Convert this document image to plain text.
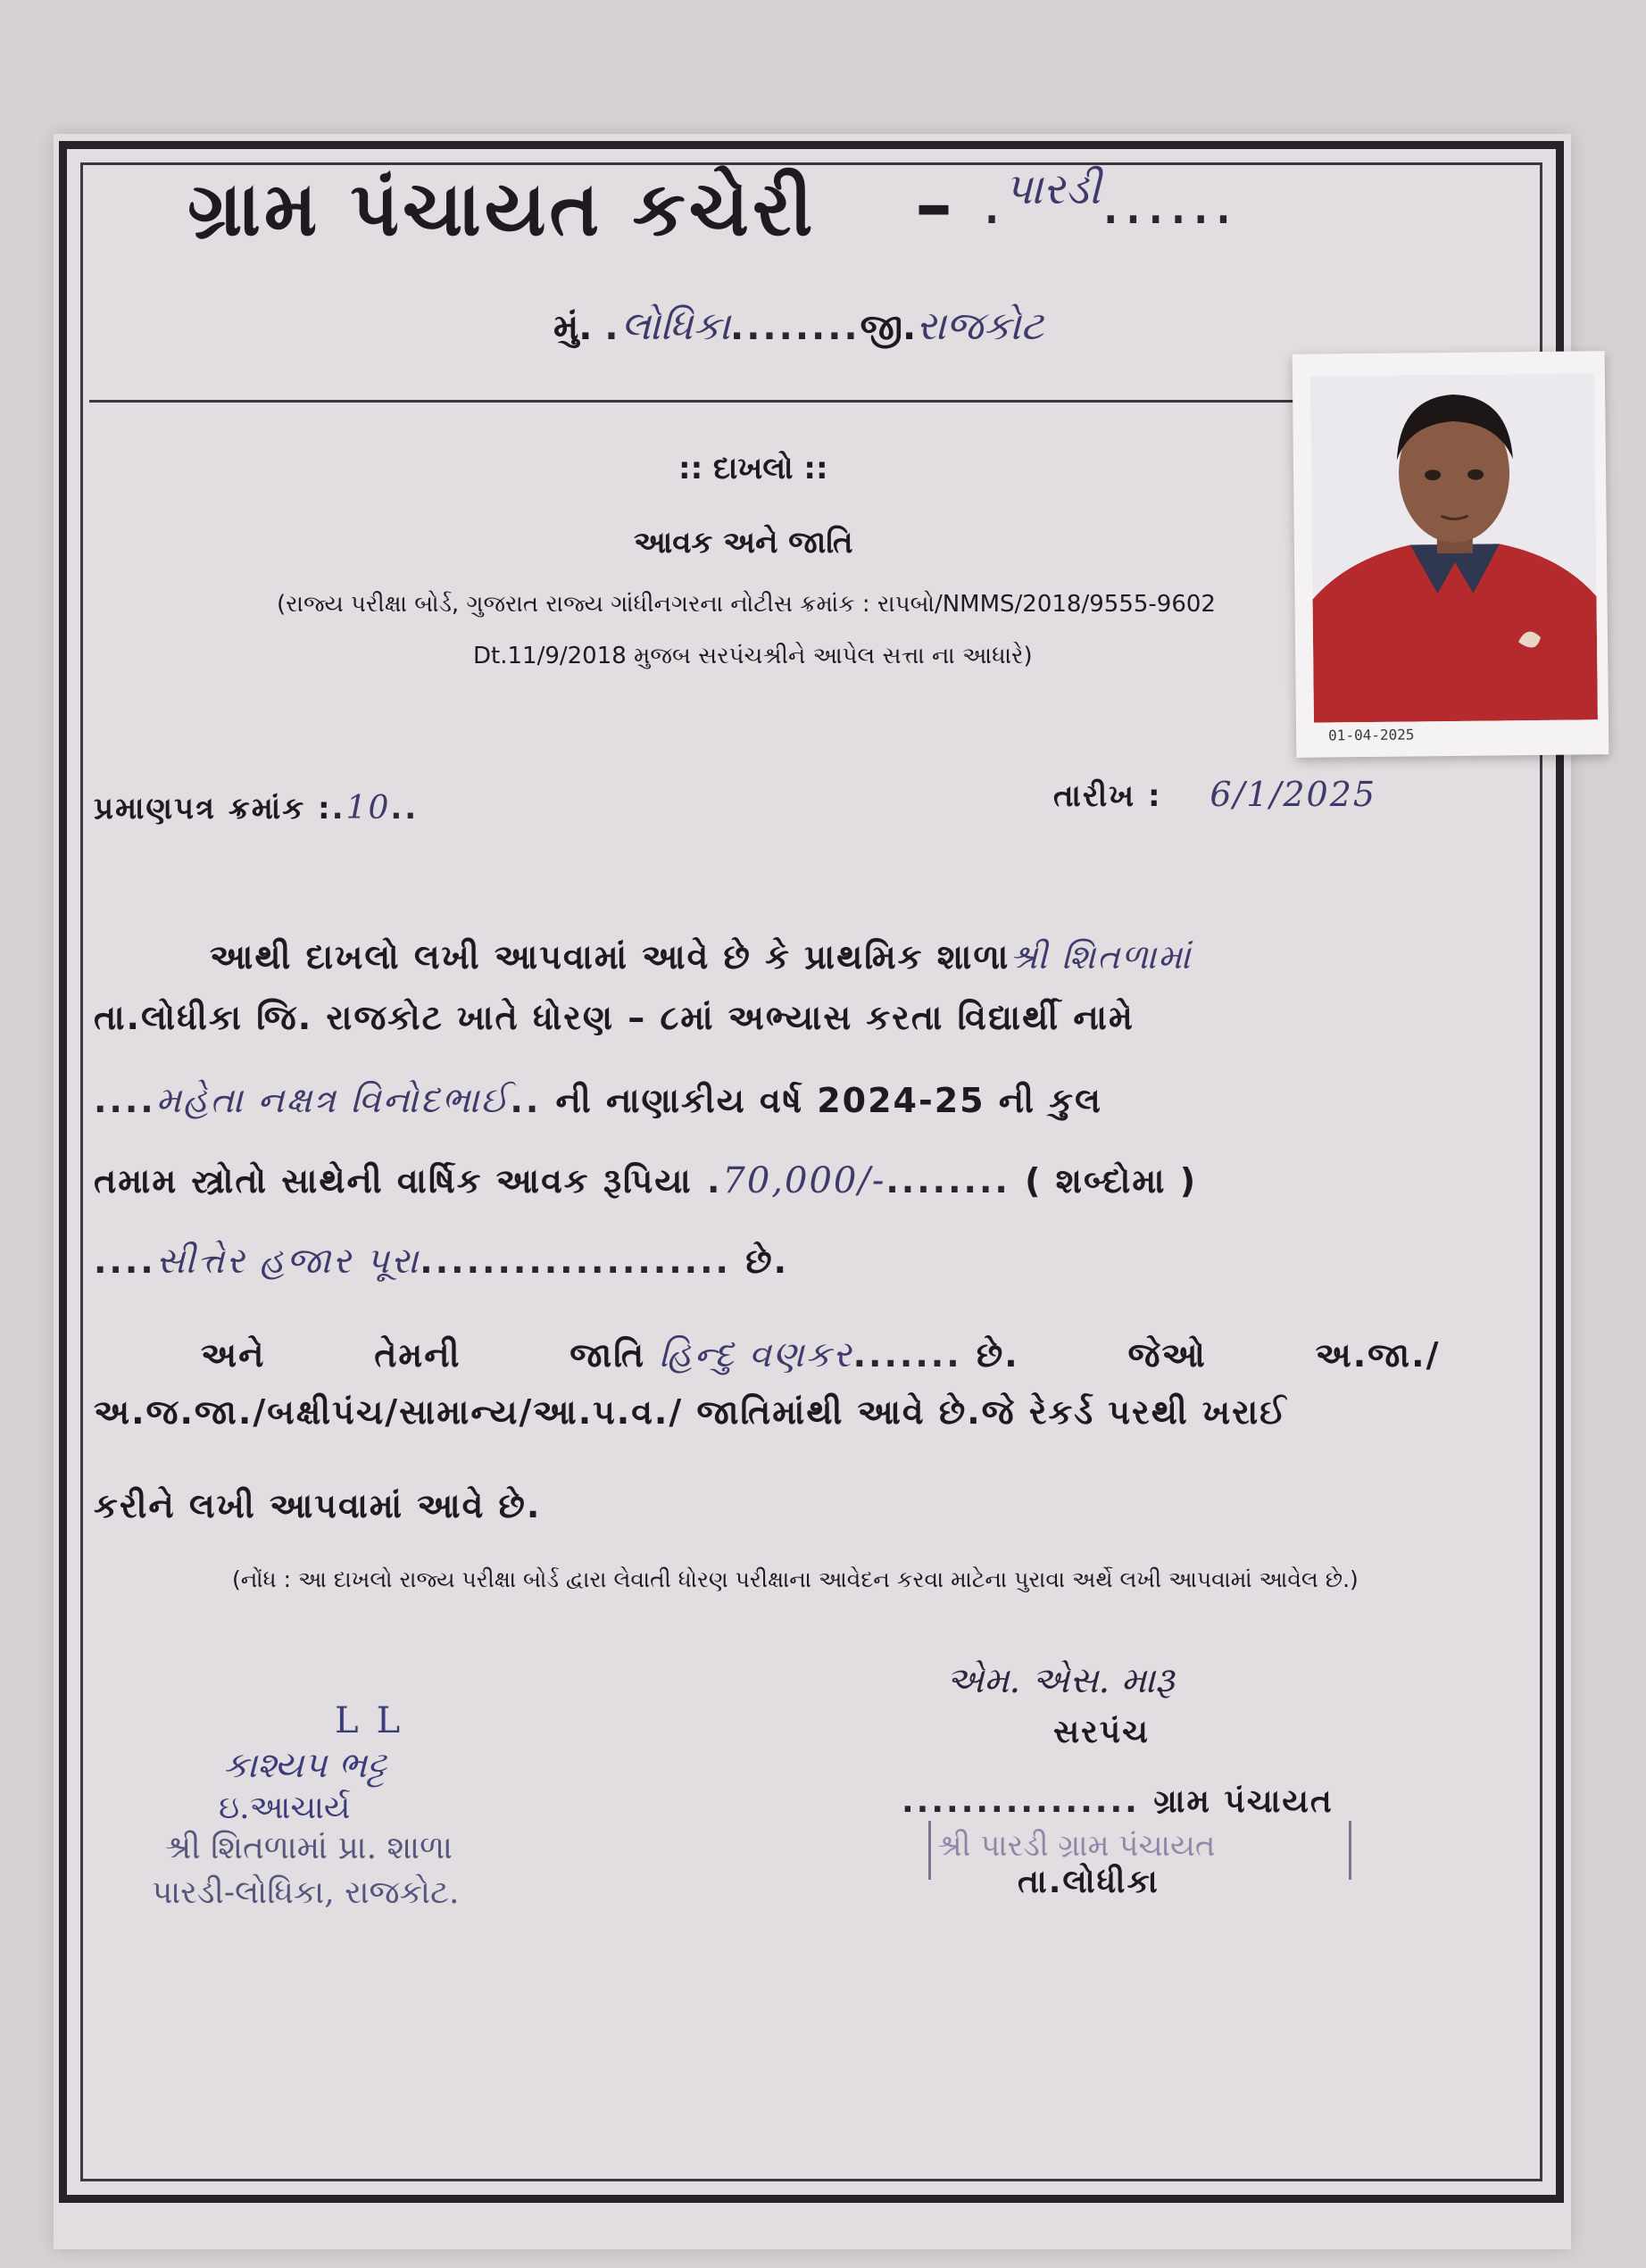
ગ્રામ પંચાયત કચેરી – .$^{પારડી}$......
મું. .લોધિકા........જી.રાજકોટ
:: દાખલો ::
આવક અને જાતિ
(રાજ્ય પરીક્ષા બોર્ડ, ગુજરાત રાજ્ય ગાંધીનગરના નોટીસ ક્રમાંક : રાપબો/NMMS/2018/9555-9602
Dt.11/9/2018 મુજબ સરપંચશ્રીને આપેલ સત્તા ના આધારે)
01-04-2025
પ્રમાણપત્ર ક્રમાંક :.10..	તારીખ : 6/1/2025
આથી દાખલો લખી આપવામાં આવે છે કે પ્રાથમિક શાળાશ્રી શિતળામાં
તા.લોધીકા જિ. રાજકોટ ખાતે ધોરણ – ૮માં અભ્યાસ કરતા વિદ્યાર્થી નામે
....મહેતા નક્ષત્ર વિનોદભાઈ.. ની નાણાકીય વર્ષ 2024-25 ની કુલ
તમામ સ્ત્રોતો સાથેની વાર્ષિક આવક રૂપિયા .70,000/-........ ( શબ્દોમા )
....સીત્તેર હજાર પૂરા.................... છે.
અને        તેમની        જાતિ હિન્દુ વણકર....... છે.        જેઓ        અ.જા./
અ.જ.જા./બક્ષીપંચ/સામાન્ય/આ.પ.વ./ જાતિમાંથી આવે છે.જે રેકર્ડ પરથી ખરાઈ
કરીને લખી આપવામાં આવે છે.
(નોંધ : આ દાખલો રાજ્ય પરીક્ષા બોર્ડ દ્વારા લેવાતી ધોરણ પરીક્ષાના આવેદન કરવા માટેના પુરાવા અર્થે લખી આપવામાં આવેલ છે.)
એમ. એસ. મારૂ
સરપંચ
................ ગ્રામ પંચાયત
શ્રી પારડી ગ્રામ પંચાયત
તા.લોધીકા
LL
કાશ્યપ ભટ્ટ
ઇ.આચાર્ય
શ્રી શિતળામાં પ્રા. શાળા
પારડી-લોધિકા, રાજકોટ.
